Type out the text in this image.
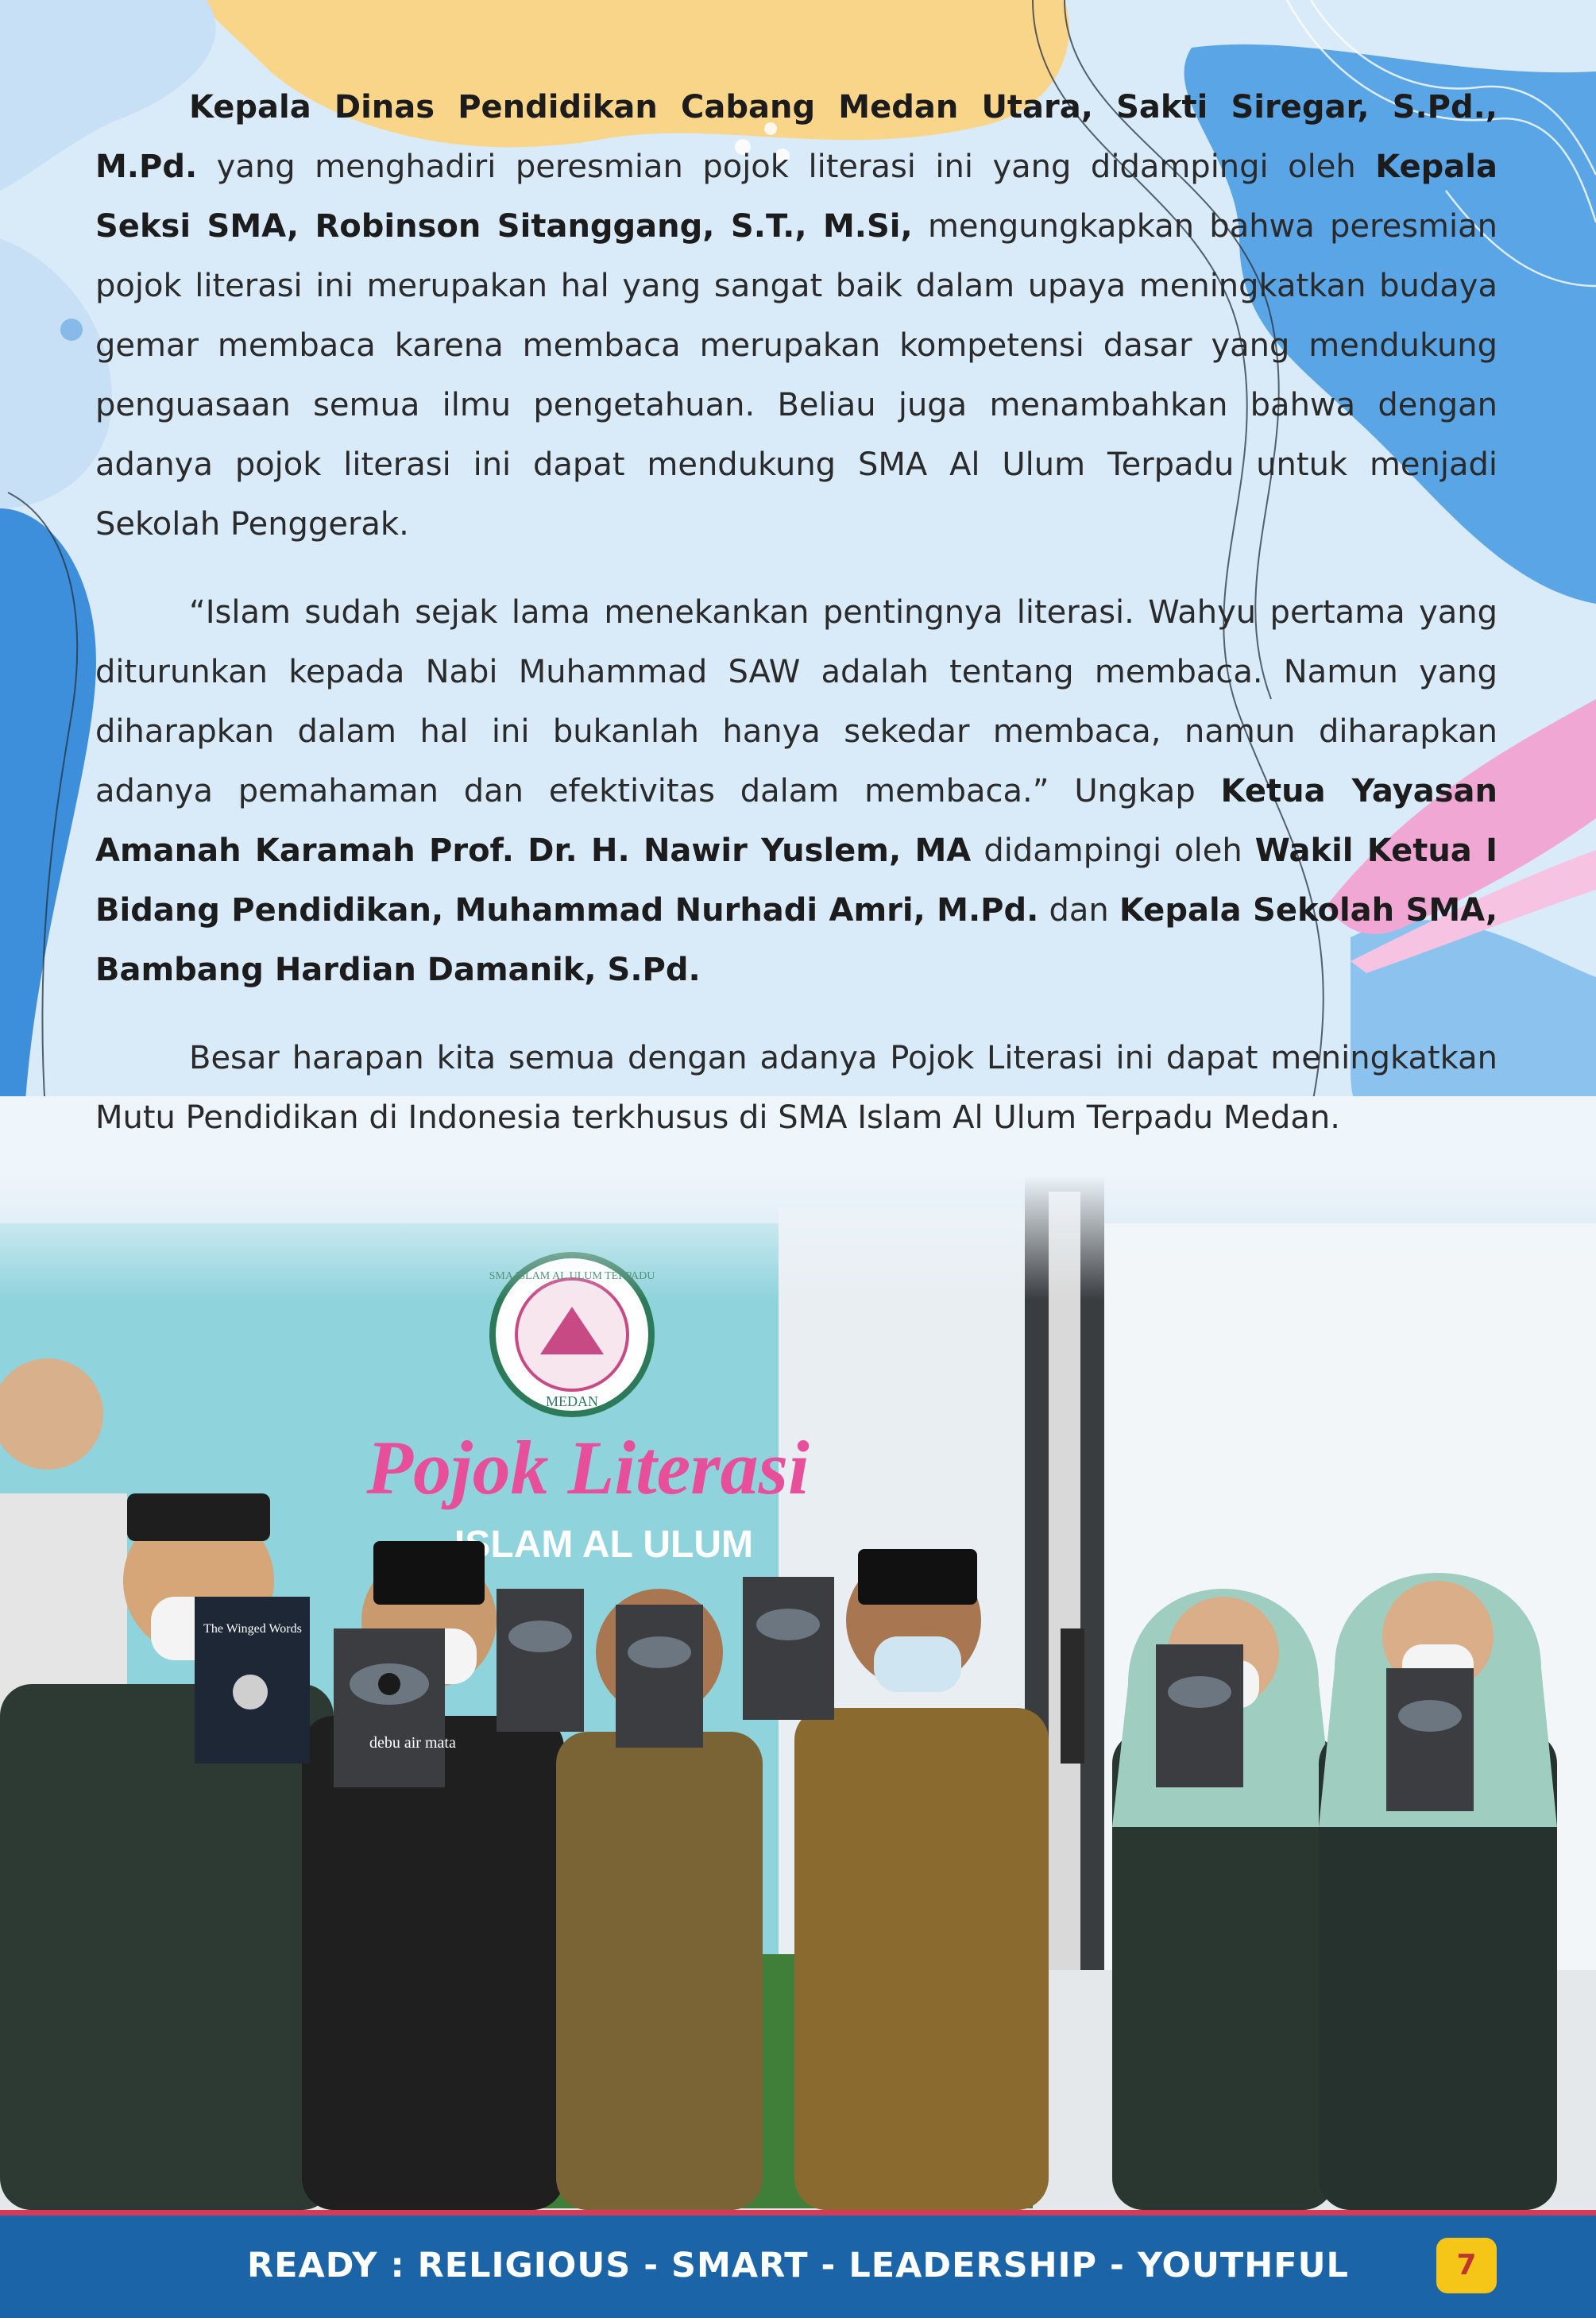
Kepala Dinas Pendidikan Cabang Medan Utara, Sakti Siregar, S.Pd., M.Pd. yang menghadiri peresmian pojok literasi ini yang didampingi oleh Kepala Seksi SMA, Robinson Sitanggang, S.T., M.Si, mengungkapkan bahwa peresmian pojok literasi ini merupakan hal yang sangat baik dalam upaya meningkatkan budaya gemar membaca karena membaca merupakan kompetensi dasar yang mendukung penguasaan semua ilmu pengetahuan. Beliau juga menambahkan bahwa dengan adanya pojok literasi ini dapat mendukung SMA Al Ulum Terpadu untuk menjadi Sekolah Penggerak.

“Islam sudah sejak lama menekankan pentingnya literasi. Wahyu pertama yang diturunkan kepada Nabi Muhammad SAW adalah tentang membaca. Namun yang diharapkan dalam hal ini bukanlah hanya sekedar membaca, namun diharapkan adanya pemahaman dan efektivitas dalam membaca.” Ungkap Ketua Yayasan Amanah Karamah Prof. Dr. H. Nawir Yuslem, MA didampingi oleh Wakil Ketua I Bidang Pendidikan, Muhammad Nurhadi Amri, M.Pd. dan Kepala Sekolah SMA, Bambang Hardian Damanik, S.Pd.

Besar harapan kita semua dengan adanya Pojok Literasi ini dapat meningkatkan Mutu Pendidikan di Indonesia terkhusus di SMA Islam Al Ulum Terpadu Medan.

READY : RELIGIOUS - SMART - LEADERSHIP - YOUTHFUL	7
